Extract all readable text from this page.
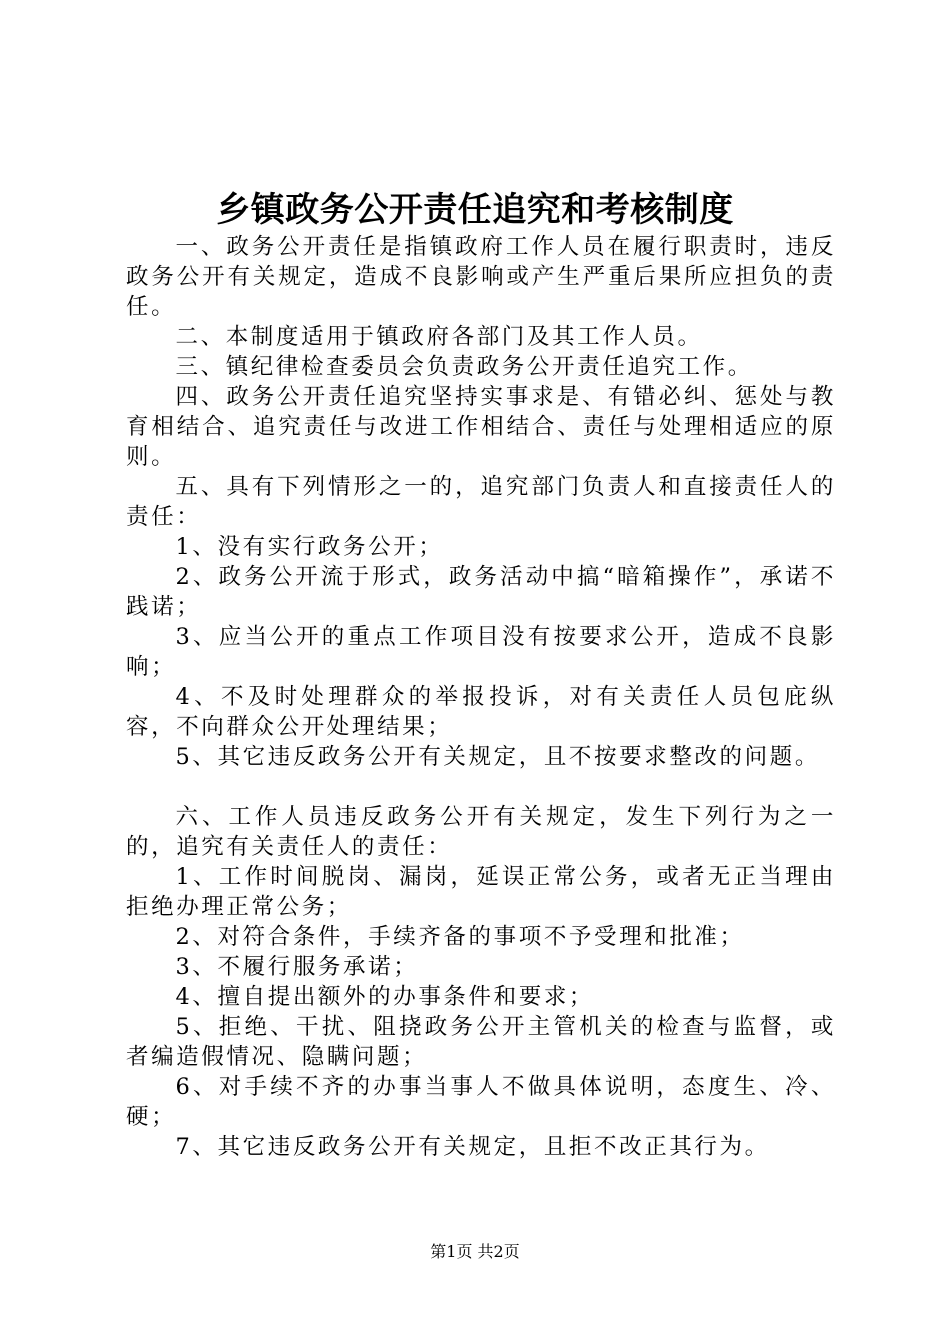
乡镇政务公开责任追究和考核制度

一、政务公开责任是指镇政府工作人员在履行职责时，违反政务公开有关规定，造成不良影响或产生严重后果所应担负的责任。

二、本制度适用于镇政府各部门及其工作人员。

三、镇纪律检查委员会负责政务公开责任追究工作。

四、政务公开责任追究坚持实事求是、有错必纠、惩处与教育相结合、追究责任与改进工作相结合、责任与处理相适应的原则。

五、具有下列情形之一的，追究部门负责人和直接责任人的责任：

1、没有实行政务公开；

2、政务公开流于形式，政务活动中搞“暗箱操作”，承诺不践诺；

3、应当公开的重点工作项目没有按要求公开，造成不良影响；

4、不及时处理群众的举报投诉，对有关责任人员包庇纵容，不向群众公开处理结果；

5、其它违反政务公开有关规定，且不按要求整改的问题。

六、工作人员违反政务公开有关规定，发生下列行为之一的，追究有关责任人的责任：

1、工作时间脱岗、漏岗，延误正常公务，或者无正当理由拒绝办理正常公务；

2、对符合条件，手续齐备的事项不予受理和批准；

3、不履行服务承诺；

4、擅自提出额外的办事条件和要求；

5、拒绝、干扰、阻挠政务公开主管机关的检查与监督，或者编造假情况、隐瞒问题；

6、对手续不齐的办事当事人不做具体说明，态度生、冷、硬；

7、其它违反政务公开有关规定，且拒不改正其行为。

第1页 共2页
